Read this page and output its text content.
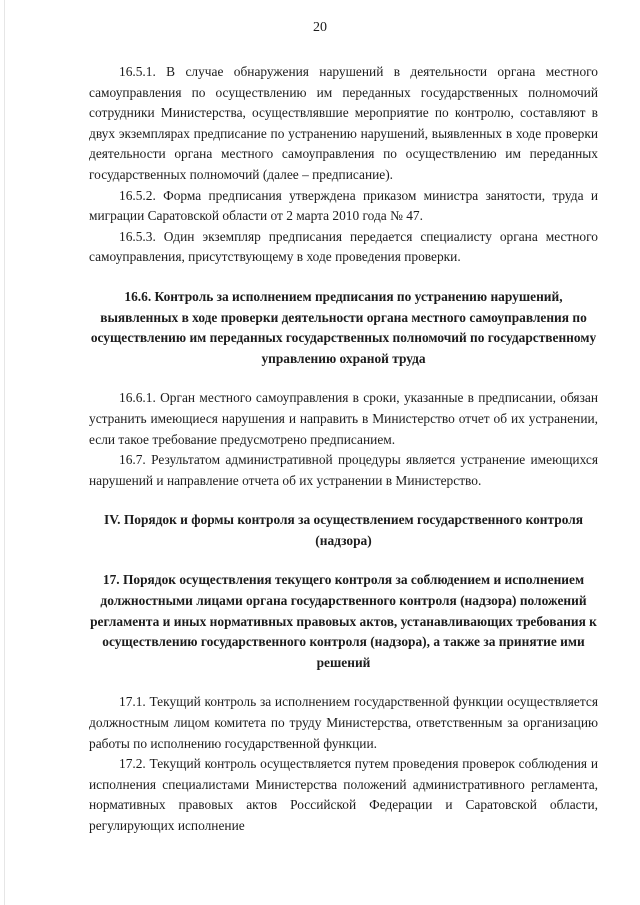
20

16.5.1. В случае обнаружения нарушений в деятельности органа местного самоуправления по осуществлению им переданных государственных полномочий сотрудники Министерства, осуществлявшие мероприятие по контролю, составляют в двух экземплярах предписание по устранению нарушений, выявленных в ходе проверки деятельности органа местного самоуправления по осуществлению им переданных государственных полномочий (далее – предписание).

16.5.2. Форма предписания утверждена приказом министра занятости, труда и миграции Саратовской области от 2 марта 2010 года № 47.

16.5.3. Один экземпляр предписания передается специалисту органа местного самоуправления, присутствующему в ходе проведения проверки.

16.6. Контроль за исполнением предписания по устранению нарушений, выявленных в ходе проверки деятельности органа местного самоуправления по осуществлению им переданных государственных полномочий по государственному управлению охраной труда

16.6.1. Орган местного самоуправления в сроки, указанные в предписании, обязан устранить имеющиеся нарушения и направить в Министерство отчет об их устранении, если такое требование предусмотрено предписанием.

16.7. Результатом административной процедуры является устранение имеющихся нарушений и направление отчета об их устранении в Министерство.

IV. Порядок и формы контроля за осуществлением государственного контроля (надзора)

17. Порядок осуществления текущего контроля за соблюдением и исполнением должностными лицами органа государственного контроля (надзора) положений регламента и иных нормативных правовых актов, устанавливающих требования к осуществлению государственного контроля (надзора), а также за принятие ими решений

17.1. Текущий контроль за исполнением государственной функции осуществляется должностным лицом комитета по труду Министерства, ответственным за организацию работы по исполнению государственной функции.

17.2. Текущий контроль осуществляется путем проведения проверок соблюдения и исполнения специалистами Министерства положений административного регламента, нормативных правовых актов Российской Федерации и Саратовской области, регулирующих исполнение
